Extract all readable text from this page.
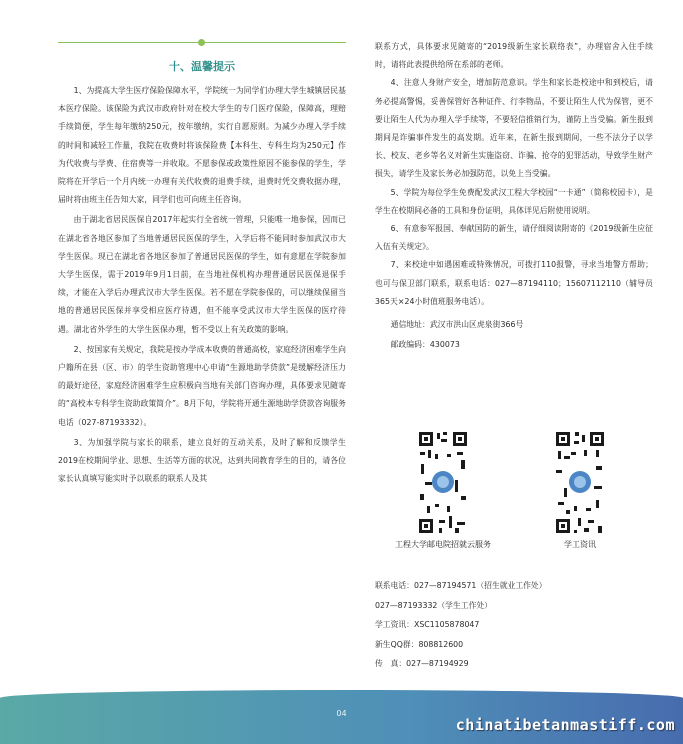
十、温馨提示

1、为提高大学生医疗保险保障水平，学院统一为同学们办理大学生城镇居民基本医疗保险。该保险为武汉市政府针对在校大学生的专门医疗保险，保障高，理赔手续简便，学生每年缴纳250元，按年缴纳，实行自愿原则。为减少办理入学手续的时间和减轻工作量，我院在收费时将该保险费【本科生、专科生均为250元】作为代收费与学费、住宿费等一并收取。不愿参保或政策性原因不能参保的学生，学院将在开学后一个月内统一办理有关代收费的退费手续，退费时凭交费收据办理，届时将由班主任告知大家，同学们也可向班主任咨询。

由于湖北省居民医保自2017年起实行全省统一管理，只能唯一地参保，因而已在湖北省各地区参加了当地普通居民医保的学生，入学后将不能同时参加武汉市大学生医保。现已在湖北省各地区参加了普通居民医保的学生，如有意愿在学院参加大学生医保，需于2019年9月1日前，在当地社保机构办理普通居民医保退保手续，才能在入学后办理武汉市大学生医保。若不愿在学院参保的，可以继续保留当地的普通居民医保并享受相应医疗待遇，但不能享受武汉市大学生医保的医疗待遇。湖北省外学生的大学生医保办理，暂不受以上有关政策的影响。

2、按国家有关规定，我院是按办学成本收费的普通高校，家庭经济困难学生向户籍所在县（区、市）的学生资助管理中心申请“生源地助学贷款”是缓解经济压力的最好途径，家庭经济困难学生应积极向当地有关部门咨询办理，具体要求见随寄的“高校本专科学生资助政策简介”。8月下旬，学院将开通生源地助学贷款咨询服务电话（027-87193332）。

3、为加强学院与家长的联系，建立良好的互动关系，及时了解和反馈学生2019在校期间学业、思想、生活等方面的状况，达到共同教育学生的目的，请各位家长认真填写能实时予以联系的联系人及其

联系方式，具体要求见随寄的“2019级新生家长联络表”，办理宿舍入住手续时，请将此表提供给所在系部的老师。

4、注意人身财产安全，增加防范意识。学生和家长赴校途中和到校后，请务必提高警惕，妥善保管好各种证件、行李物品，不要让陌生人代为保管，更不要让陌生人代为办理入学手续等，不要轻信推销行为，谨防上当受骗。新生报到期间是诈骗事件发生的高发期。近年来，在新生报到期间，一些不法分子以学长、校友、老乡等名义对新生实施盗窃、诈骗、抢夺的犯罪活动，导致学生财产损失，请学生及家长务必加强防范，以免上当受骗。

5、学院为每位学生免费配发武汉工程大学校园“一卡通”（简称校园卡），是学生在校期间必备的工具和身份证明，具体详见后附使用说明。

6、有意参军报国、奉献国防的新生，请仔细阅读附寄的《2019级新生应征入伍有关规定》。

7、来校途中如遇困难或特殊情况，可拨打110报警，寻求当地警方帮助；也可与保卫部门联系，联系电话：027—87194110；15607112110（辅导员365天×24小时值班服务电话）。

通信地址：武汉市洪山区虎泉街366号
邮政编码：430073
工程大学邮电院招就云服务	学工资讯
联系电话：027—87194571（招生就业工作处）
027—87193332（学生工作处）
学工资讯：XSC1105878047
新生QQ群：808812600
传　真：027—87194929
04
chinatibetanmastiff.com
